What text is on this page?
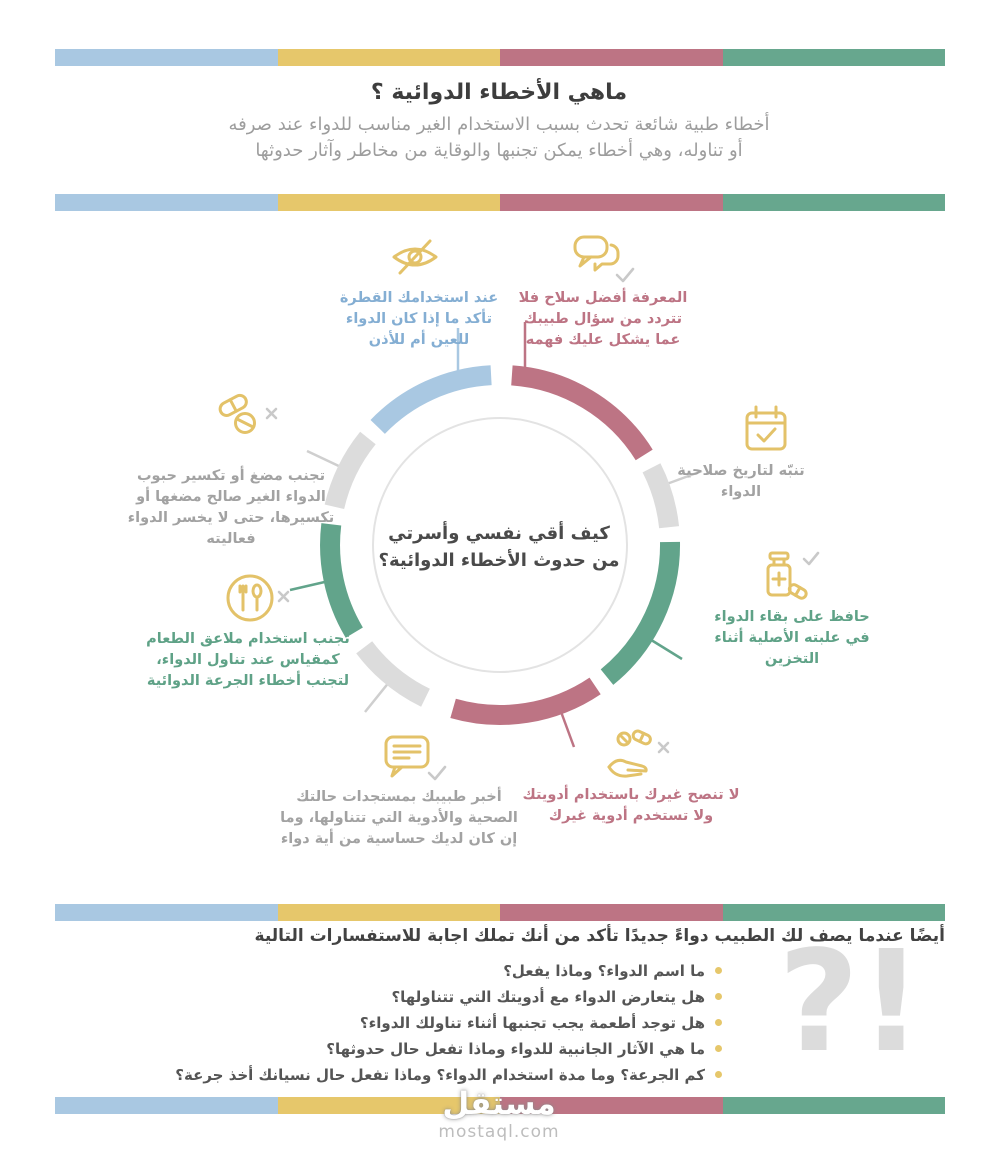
ماهي الأخطاء الدوائية ؟
أخطاء طبية شائعة تحدث بسبب الاستخدام الغير مناسب للدواء عند صرفه
أو تناوله، وهي أخطاء يمكن تجنبها والوقاية من مخاطر وآثار حدوثها
كيف أقي نفسي وأسرتي
من حدوث الأخطاء الدوائية؟
المعرفة أفضل سلاح فلا تتردد من سؤال طبيبك عما يشكل عليك فهمه
عند استخدامك القطرة تأكد ما إذا كان الدواء للعين أم للأذن
تنبّه لتاريخ صلاحية الدواء
تجنب مضغ أو تكسير حبوب الدواء الغير صالح مضغها أو تكسيرها، حتى لا يخسر الدواء فعاليته
حافظ على بقاء الدواء في علبته الأصلية أثناء التخزين
تجنب استخدام ملاعق الطعام كمقياس عند تناول الدواء، لتجنب أخطاء الجرعة الدوائية
أخبر طبيبك بمستجدات حالتك الصحية والأدوية التي تتناولها، وما إن كان لديك حساسية من أية دواء
لا تنصح غيرك باستخدام أدويتك ولا تستخدم أدوية غيرك
أيضًا عندما يصف لك الطبيب دواءً جديدًا تأكد من أنك تملك اجابة للاستفسارات التالية
ما اسم الدواء؟ وماذا يفعل؟
هل يتعارض الدواء مع أدويتك التي تتناولها؟
هل توجد أطعمة يجب تجنبها أثناء تناولك الدواء؟
ما هي الآثار الجانبية للدواء وماذا تفعل حال حدوثها؟
كم الجرعة؟ وما مدة استخدام الدواء؟ وماذا تفعل حال نسيانك أخذ جرعة؟ ?!
مستقل
mostaql.com
